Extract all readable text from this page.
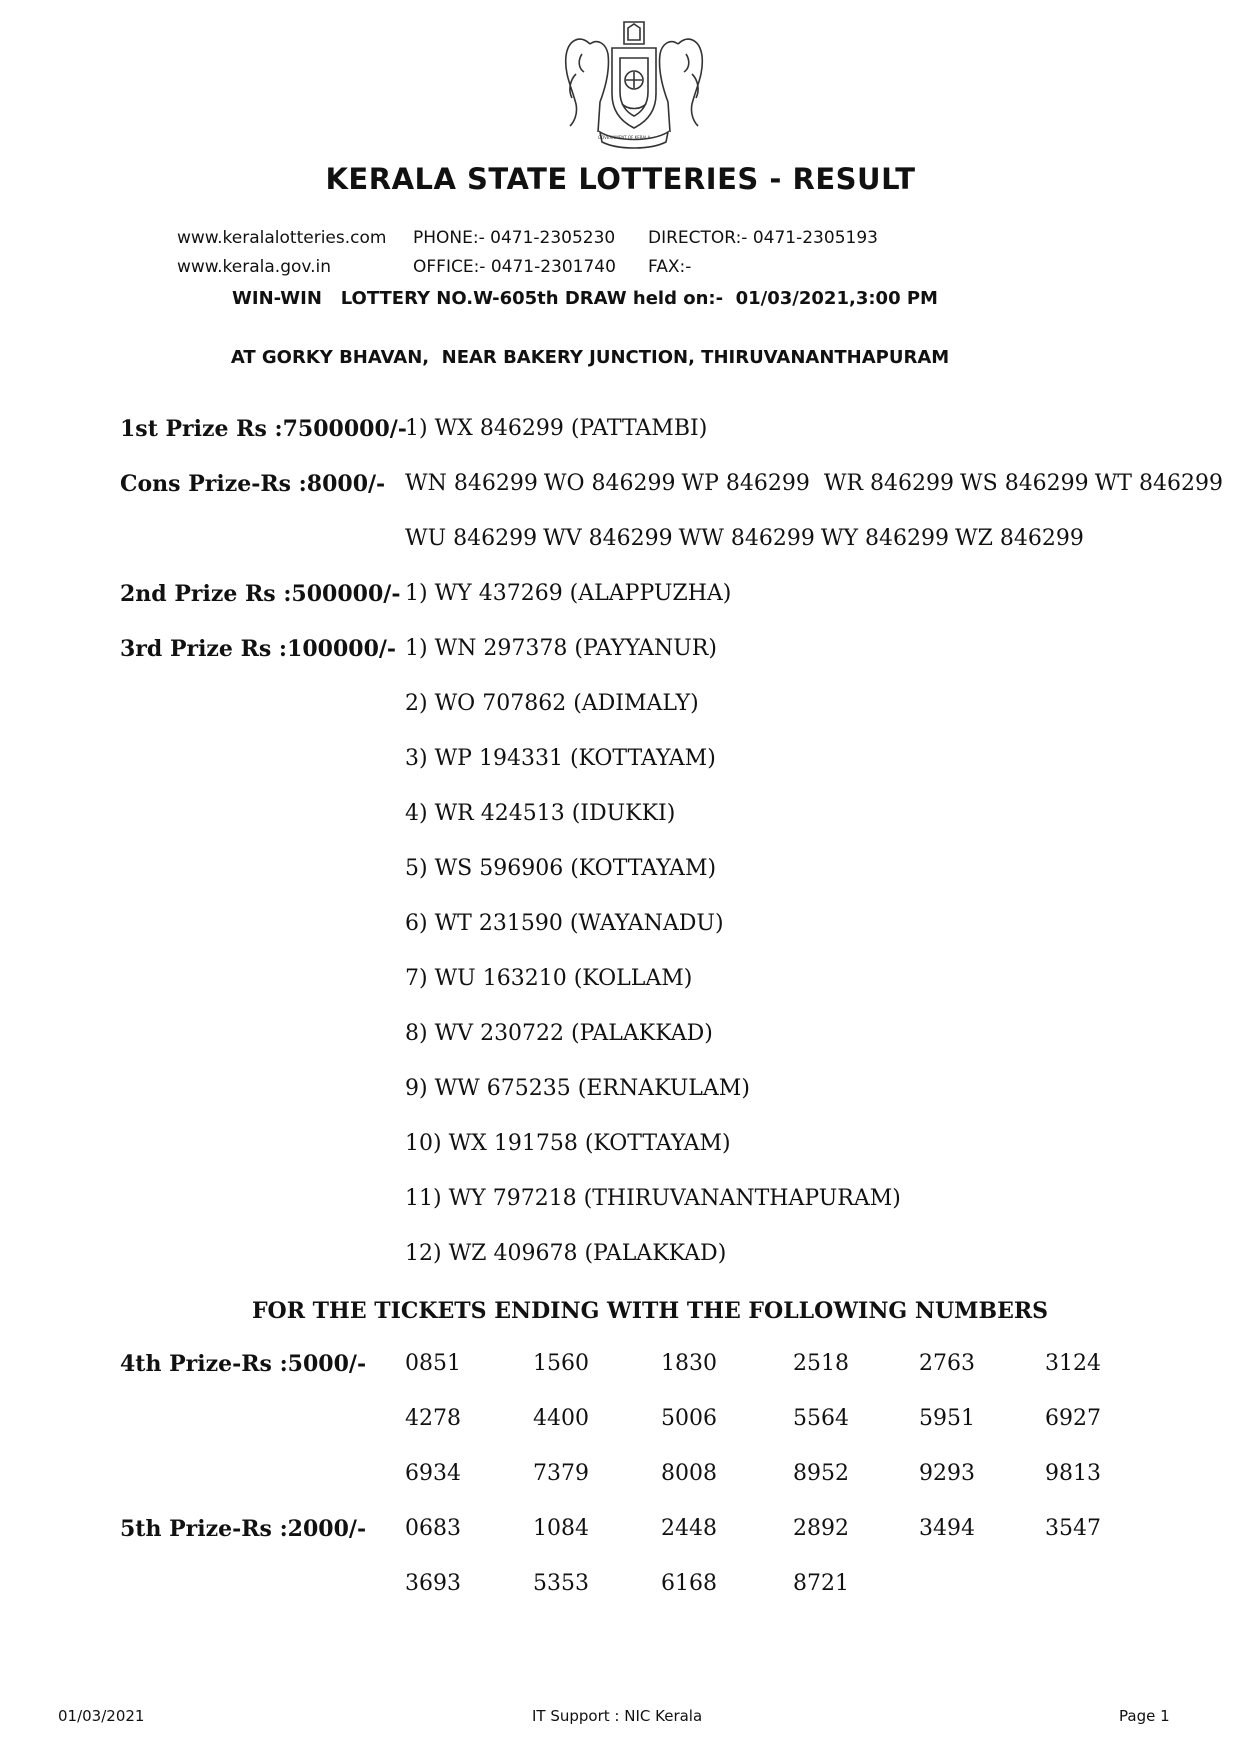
GOVERNMENT OF KERALA
KERALA STATE LOTTERIES - RESULT
www.keralalotteries.com PHONE:- 0471-2305230 DIRECTOR:- 0471-2305193
www.kerala.gov.in	OFFICE:- 0471-2301740 FAX:-
WIN-WIN   LOTTERY NO.W-605th DRAW held on:-  01/03/2021,3:00 PM
AT GORKY BHAVAN,  NEAR BAKERY JUNCTION, THIRUVANANTHAPURAM
1st Prize Rs :7500000/-
1) WX 846299 (PATTAMBI)
Cons Prize-Rs :8000/- WN 846299 WO 846299 WP 846299 WR 846299 WS 846299 WT 846299
WU 846299 WV 846299 WW 846299 WY 846299 WZ 846299
2nd Prize Rs :500000/- 1) WY 437269 (ALAPPUZHA)
3rd Prize Rs :100000/- 1) WN 297378 (PAYYANUR)
2) WO 707862 (ADIMALY)
3) WP 194331 (KOTTAYAM)
4) WR 424513 (IDUKKI)
5) WS 596906 (KOTTAYAM)
6) WT 231590 (WAYANADU)
7) WU 163210 (KOLLAM)
8) WV 230722 (PALAKKAD)
9) WW 675235 (ERNAKULAM)
10) WX 191758 (KOTTAYAM)
11) WY 797218 (THIRUVANANTHAPURAM)
12) WZ 409678 (PALAKKAD)
FOR THE TICKETS ENDING WITH THE FOLLOWING NUMBERS
4th Prize-Rs :5000/- 0851	1560	1830	2518	2763	3124
4278	4400	5006	5564	5951	6927
6934	7379	8008	8952	9293	9813
5th Prize-Rs :2000/- 0683	1084	2448	2892	3494	3547
3693	5353	6168	8721
01/03/2021	IT Support : NIC Kerala	Page 1
